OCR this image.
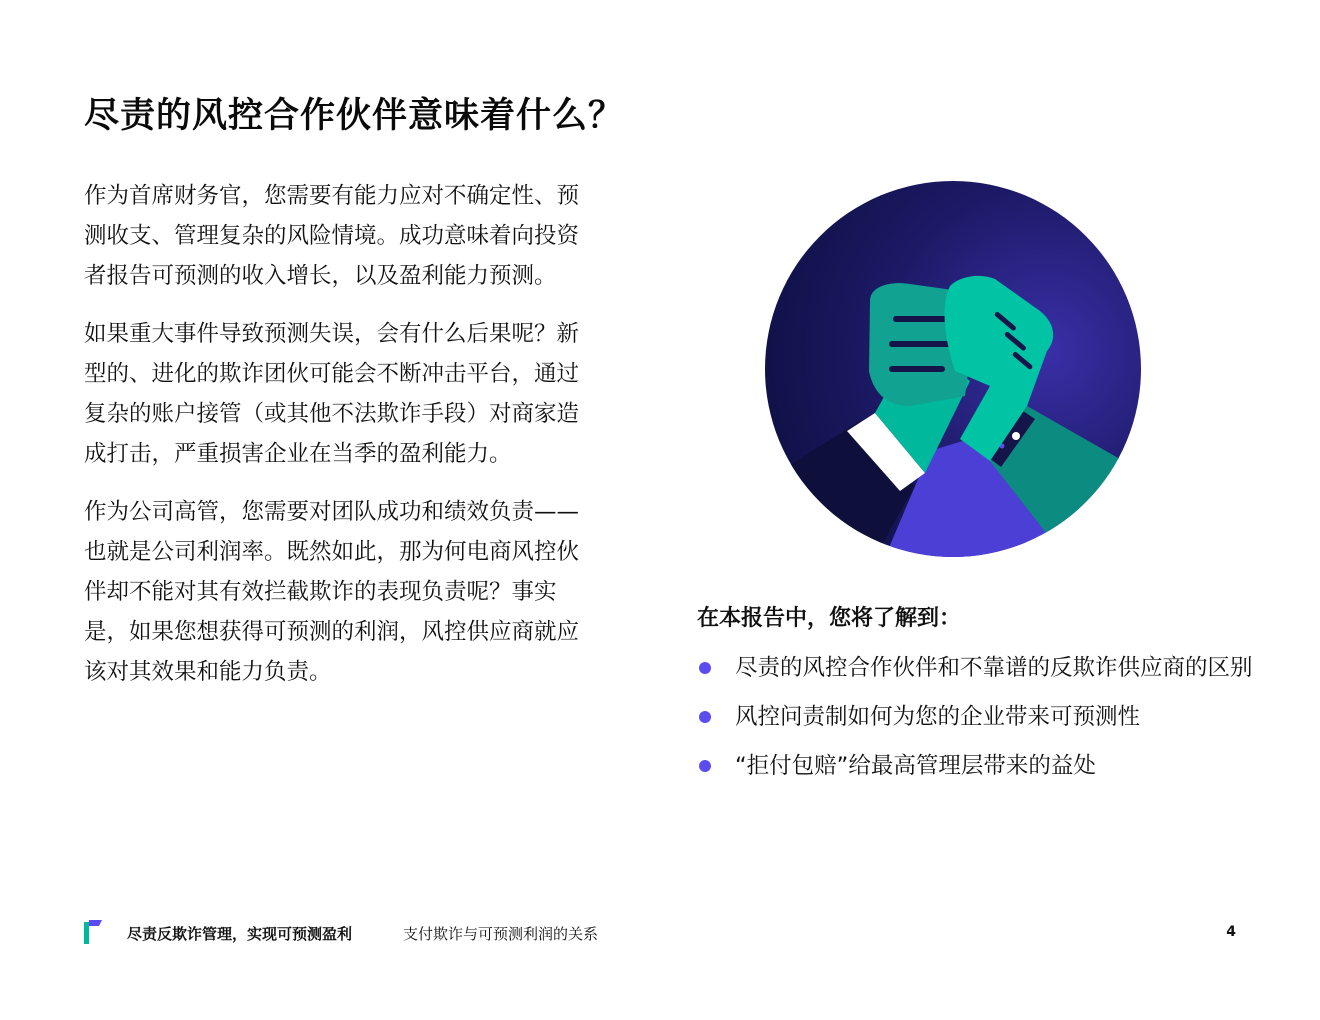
尽责的风控合作伙伴意味着什么？

作为首席财务官，您需要有能力应对不确定性、预测收支、管理复杂的风险情境。成功意味着向投资者报告可预测的收入增长，以及盈利能力预测。

如果重大事件导致预测失误，会有什么后果呢？新型的、进化的欺诈团伙可能会不断冲击平台，通过复杂的账户接管（或其他不法欺诈手段）对商家造成打击，严重损害企业在当季的盈利能力。

作为公司高管，您需要对团队成功和绩效负责——也就是公司利润率。既然如此，那为何电商风控伙伴却不能对其有效拦截欺诈的表现负责呢？事实是，如果您想获得可预测的利润，风控供应商就应该对其效果和能力负责。

在本报告中，您将了解到：
尽责的风控合作伙伴和不靠谱的反欺诈供应商的区别
风控问责制如何为您的企业带来可预测性
“拒付包赔”给最高管理层带来的益处
尽责反欺诈管理，实现可预测盈利	支付欺诈与可预测利润的关系	4
